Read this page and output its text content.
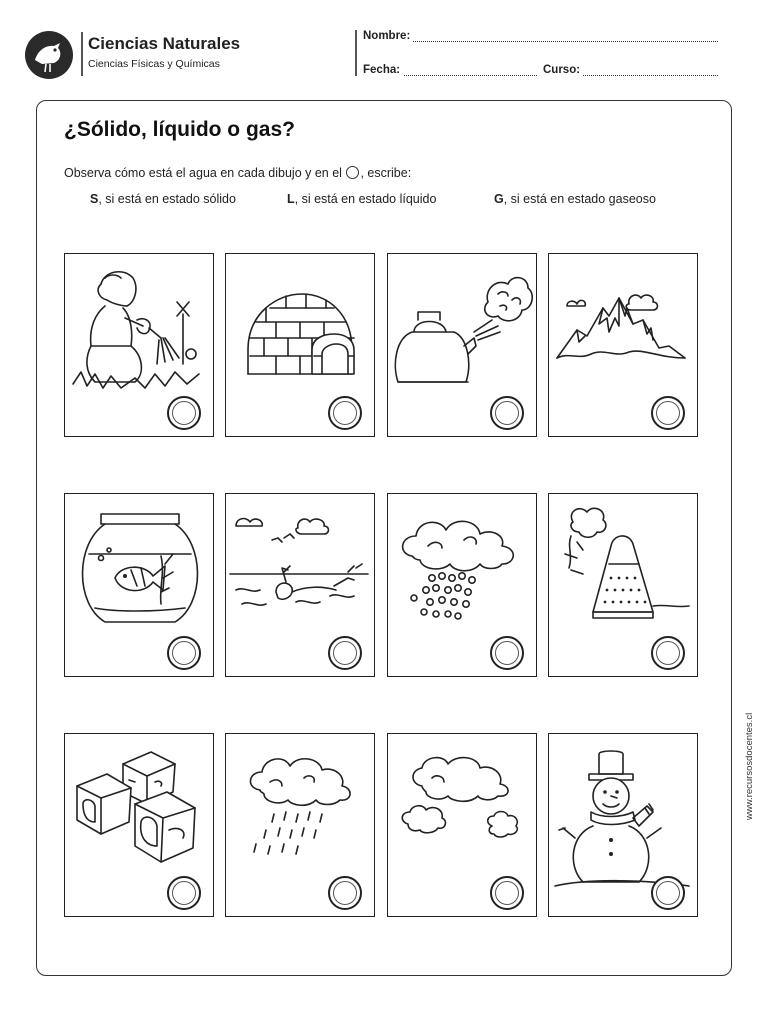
Ciencias Naturales
Ciencias Físicas y Químicas
Nombre:
Fecha:	Curso:
¿Sólido, líquido o gas?
Observa cómo está el agua en cada dibujo y en el , escribe:
S, si está en estado sólido	L, si está en estado líquido	G, si está en estado gaseoso
www.recursosdocentes.cl
